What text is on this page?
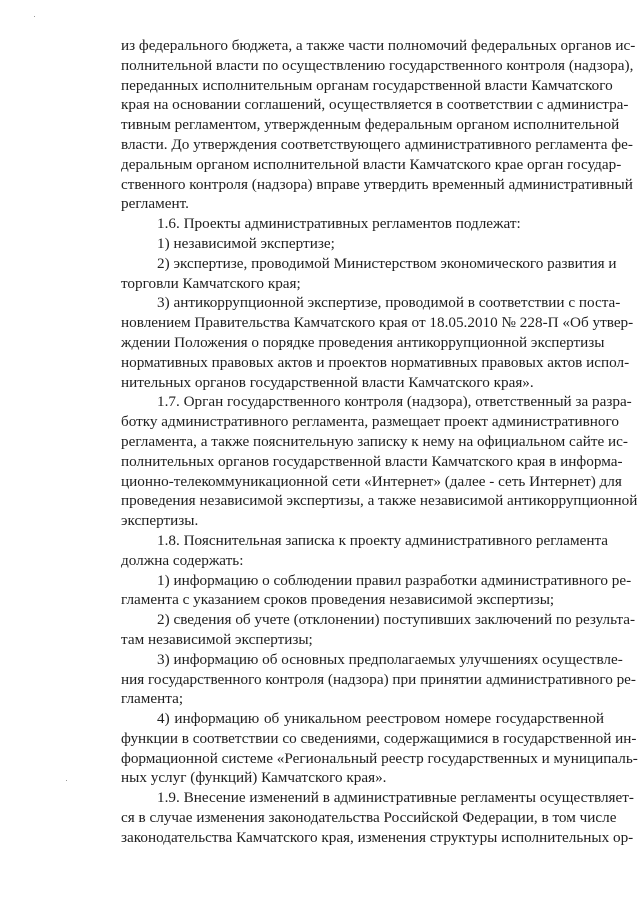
из федерального бюджета, а также части полномочий федеральных органов ис-
полнительной власти по осуществлению государственного контроля (надзора),
переданных исполнительным органам государственной власти Камчатского
края на основании соглашений, осуществляется в соответствии с администра-
тивным регламентом, утвержденным федеральным органом исполнительной
власти. До утверждения соответствующего административного регламента фе-
деральным органом исполнительной власти Камчатского крае орган государ-
ственного контроля (надзора) вправе утвердить временный административный
регламент.
1.6. Проекты административных регламентов подлежат:
1) независимой экспертизе;
2) экспертизе, проводимой Министерством экономического развития и
торговли Камчатского края;
3) антикоррупционной экспертизе, проводимой в соответствии с поста-
новлением Правительства Камчатского края от 18.05.2010 № 228-П «Об утвер-
ждении Положения о порядке проведения антикоррупционной экспертизы
нормативных правовых актов и проектов нормативных правовых актов испол-
нительных органов государственной власти Камчатского края».
1.7. Орган государственного контроля (надзора), ответственный за разра-
ботку административного регламента, размещает проект административного
регламента, а также пояснительную записку к нему на официальном сайте ис-
полнительных органов государственной власти Камчатского края в информа-
ционно-телекоммуникационной сети «Интернет» (далее - сеть Интернет) для
проведения независимой экспертизы, а также независимой антикоррупционной
экспертизы.
1.8. Пояснительная записка к проекту административного регламента
должна содержать:
1) информацию о соблюдении правил разработки административного ре-
гламента с указанием сроков проведения независимой экспертизы;
2) сведения об учете (отклонении) поступивших заключений по результа-
там независимой экспертизы;
3) информацию об основных предполагаемых улучшениях осуществле-
ния государственного контроля (надзора) при принятии административного ре-
гламента;
4) информацию об уникальном реестровом номере государственной
функции в соответствии со сведениями, содержащимися в государственной ин-
формационной системе «Региональный реестр государственных и муниципаль-
ных услуг (функций) Камчатского края».
1.9. Внесение изменений в административные регламенты осуществляет-
ся в случае изменения законодательства Российской Федерации, в том числе
законодательства Камчатского края, изменения структуры исполнительных ор-
